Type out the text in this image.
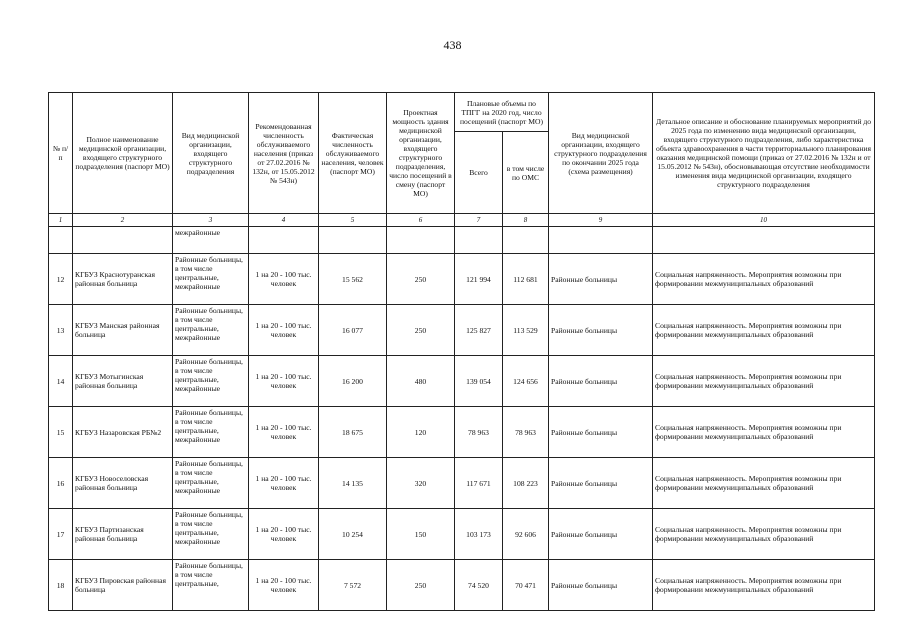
438
№ п/п	Полное наименование медицинской организации, входящего структурного подразделения (паспорт МО)	Вид медицинской организации, входящего структурного подразделения	Рекомендованная численность обслуживаемого населения (приказ от 27.02.2016 № 132н, от 15.05.2012 № 543н)	Фактическая численность обслуживаемого населения, человек (паспорт МО)	Проектная мощность здания медицинской организации, входящего структурного подразделения, число посещений в смену (паспорт МО)	Плановые объемы по ТПГГ на 2020 год, число посещений (паспорт МО)		Вид медицинской организации, входящего структурного подразделения по окончании 2025 года (схема размещения)	Детальное описание и обоснование планируемых мероприятий до 2025 года по изменению вида медицинской организации, входящего структурного подразделения, либо характеристика объекта здравоохранения в части территориального планирования оказания медицинской помощи (приказ от 27.02.2016 № 132н и от 15.05.2012 № 543н), обосновывающая отсутствие необходимости изменения вида медицинской организации, входящего структурного подразделения
						Всего	в том числе по ОМС		
1	2	3	4	5	6	7	8	9	10
		межрайонные							
12	КГБУЗ Краснотуранская районная больница	Районные больницы, в том числе центральные, межрайонные	1 на 20 - 100 тыс. человек	15 562	250	121 994	112 681	Районные больницы	Социальная напряженность. Мероприятия возможны при формировании межмуниципальных образований
13	КГБУЗ Манская районная больница	Районные больницы, в том числе центральные, межрайонные	1 на 20 - 100 тыс. человек	16 077	250	125 827	113 529	Районные больницы	Социальная напряженность. Мероприятия возможны при формировании межмуниципальных образований
14	КГБУЗ Мотыгинская районная больница	Районные больницы, в том числе центральные, межрайонные	1 на 20 - 100 тыс. человек	16 200	480	139 054	124 656	Районные больницы	Социальная напряженность. Мероприятия возможны при формировании межмуниципальных образований
15	КГБУЗ Назаровская РБ№2	Районные больницы, в том числе центральные, межрайонные	1 на 20 - 100 тыс. человек	18 675	120	78 963	78 963	Районные больницы	Социальная напряженность. Мероприятия возможны при формировании межмуниципальных образований
16	КГБУЗ Новоселовская районная больница	Районные больницы, в том числе центральные, межрайонные	1 на 20 - 100 тыс. человек	14 135	320	117 671	108 223	Районные больницы	Социальная напряженность. Мероприятия возможны при формировании межмуниципальных образований
17	КГБУЗ Партизанская районная больница	Районные больницы, в том числе центральные, межрайонные	1 на 20 - 100 тыс. человек	10 254	150	103 173	92 606	Районные больницы	Социальная напряженность. Мероприятия возможны при формировании межмуниципальных образований
18	КГБУЗ Пировская районная больница	Районные больницы, в том числе центральные,	1 на 20 - 100 тыс. человек	7 572	250	74 520	70 471	Районные больницы	Социальная напряженность. Мероприятия возможны при формировании межмуниципальных образований
